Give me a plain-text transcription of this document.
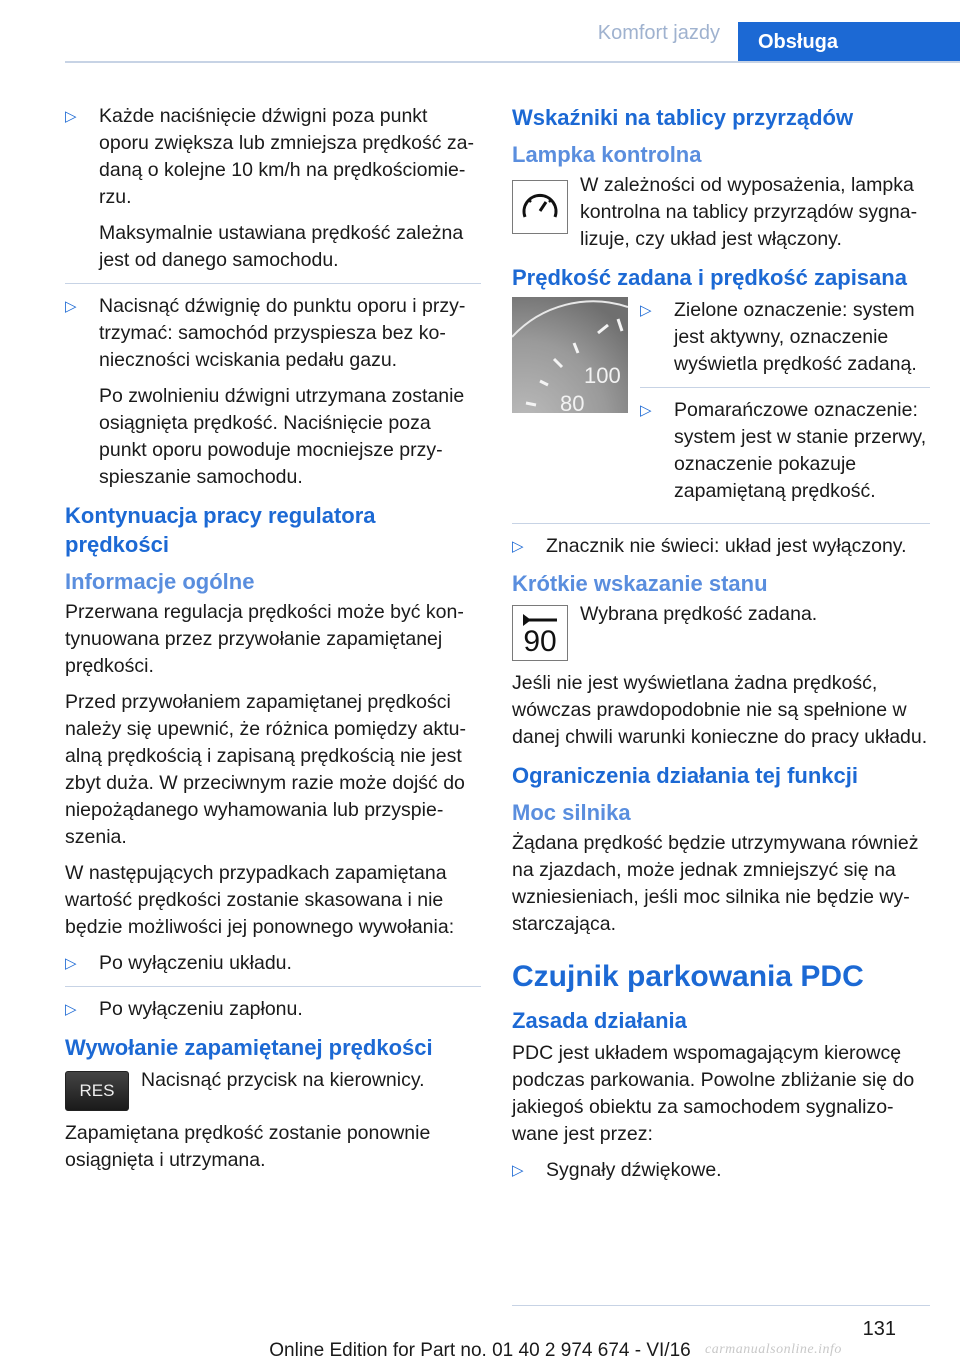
Komfort jazdy	Obsługa
▷ Każde naciśnięcie dźwigni poza punkt oporu zwiększa lub zmniejsza prędkość zadaną o kolejne 10 km/h na prędkościomierzu.

Maksymalnie ustawiana prędkość zależna jest od danego samochodu.

▷ Nacisnąć dźwignię do punktu oporu i przytrzymać: samochód przyspiesza bez konieczności wciskania pedału gazu.

Po zwolnieniu dźwigni utrzymana zostanie osiągnięta prędkość. Naciśnięcie poza punkt oporu powoduje mocniejsze przyspieszanie samochodu.

Kontynuacja pracy regulatora prędkości
Informacje ogólne

Przerwana regulacja prędkości może być kontynuowana przez przywołanie zapamiętanej prędkości.

Przed przywołaniem zapamiętanej prędkości należy się upewnić, że różnica pomiędzy aktualną prędkością i zapisaną prędkością nie jest zbyt duża. W przeciwnym razie może dojść do niepożądanego wyhamowania lub przyspieszenia.

W następujących przypadkach zapamiętana wartość prędkości zostanie skasowana i nie będzie możliwości jej ponownego wywołania:

▷ Po wyłączeniu układu.

▷ Po wyłączeniu zapłonu.

Wywołanie zapamiętanej prędkości
RES	Nacisnąć przycisk na kierownicy.

Zapamiętana prędkość zostanie ponownie osiągnięta i utrzymana.

Wskaźniki na tablicy przyrządów
Lampka kontrolna
W zależności od wyposażenia, lampka kontrolna na tablicy przyrządów sygnalizuje, czy układ jest włączony.
Prędkość zadana i prędkość zapisana
100
80
▷ Zielone oznaczenie: system jest aktywny, oznaczenie wyświetla prędkość zadaną.

▷ Pomarańczowe oznaczenie: system jest w stanie przerwy, oznaczenie pokazuje zapamiętaną prędkość.

▷ Znacznik nie świeci: układ jest wyłączony.

Krótkie wskazanie stanu
90
Wybrana prędkość zadana.

Jeśli nie jest wyświetlana żadna prędkość, wówczas prawdopodobnie nie są spełnione w danej chwili warunki konieczne do pracy układu.

Ograniczenia działania tej funkcji
Moc silnika

Żądana prędkość będzie utrzymywana również na zjazdach, może jednak zmniejszyć się na wzniesieniach, jeśli moc silnika nie będzie wystarczająca.

Czujnik parkowania PDC
Zasada działania

PDC jest układem wspomagającym kierowcę podczas parkowania. Powolne zbliżanie się do jakiegoś obiektu za samochodem sygnalizowane jest przez:

▷ Sygnały dźwiękowe.

131
Online Edition for Part no. 01 40 2 974 674 - VI/16	carmanualsonline.info
